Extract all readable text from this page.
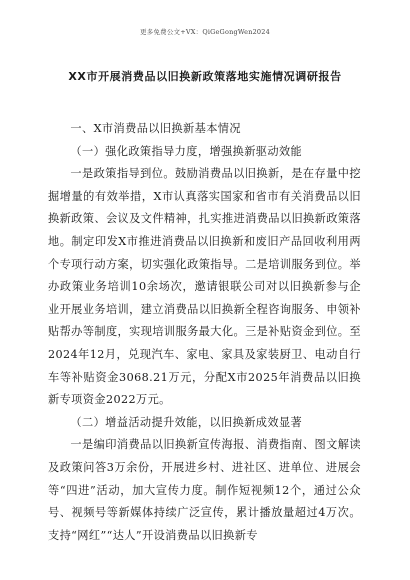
更多免费公文+VX：QiGeGongWen2024
XX市开展消费品以旧换新政策落地实施情况调研报告

一、X市消费品以旧换新基本情况

（一）强化政策指导力度，增强换新驱动效能

一是政策指导到位。鼓励消费品以旧换新，是在存量中挖掘增量的有效举措，X市认真落实国家和省市有关消费品以旧换新政策、会议及文件精神，扎实推进消费品以旧换新政策落地。制定印发X市推进消费品以旧换新和废旧产品回收利用两个专项行动方案，切实强化政策指导。二是培训服务到位。举办政策业务培训10余场次，邀请银联公司对以旧换新参与企业开展业务培训，建立消费品以旧换新全程咨询服务、申领补贴帮办等制度，实现培训服务最大化。三是补贴资金到位。至2024年12月，兑现汽车、家电、家具及家装厨卫、电动自行车等补贴资金3068.21万元，分配X市2025年消费品以旧换新专项资金2022万元。

（二）增益活动提升效能，以旧换新成效显著

一是编印消费品以旧换新宣传海报、消费指南、图文解读及政策问答3万余份，开展进乡村、进社区、进单位、进展会等“四进”活动，加大宣传力度。制作短视频12个，通过公众号、视频号等新媒体持续广泛宣传，累计播放量超过4万次。支持“网红”“达人”开设消费品以旧换新专
